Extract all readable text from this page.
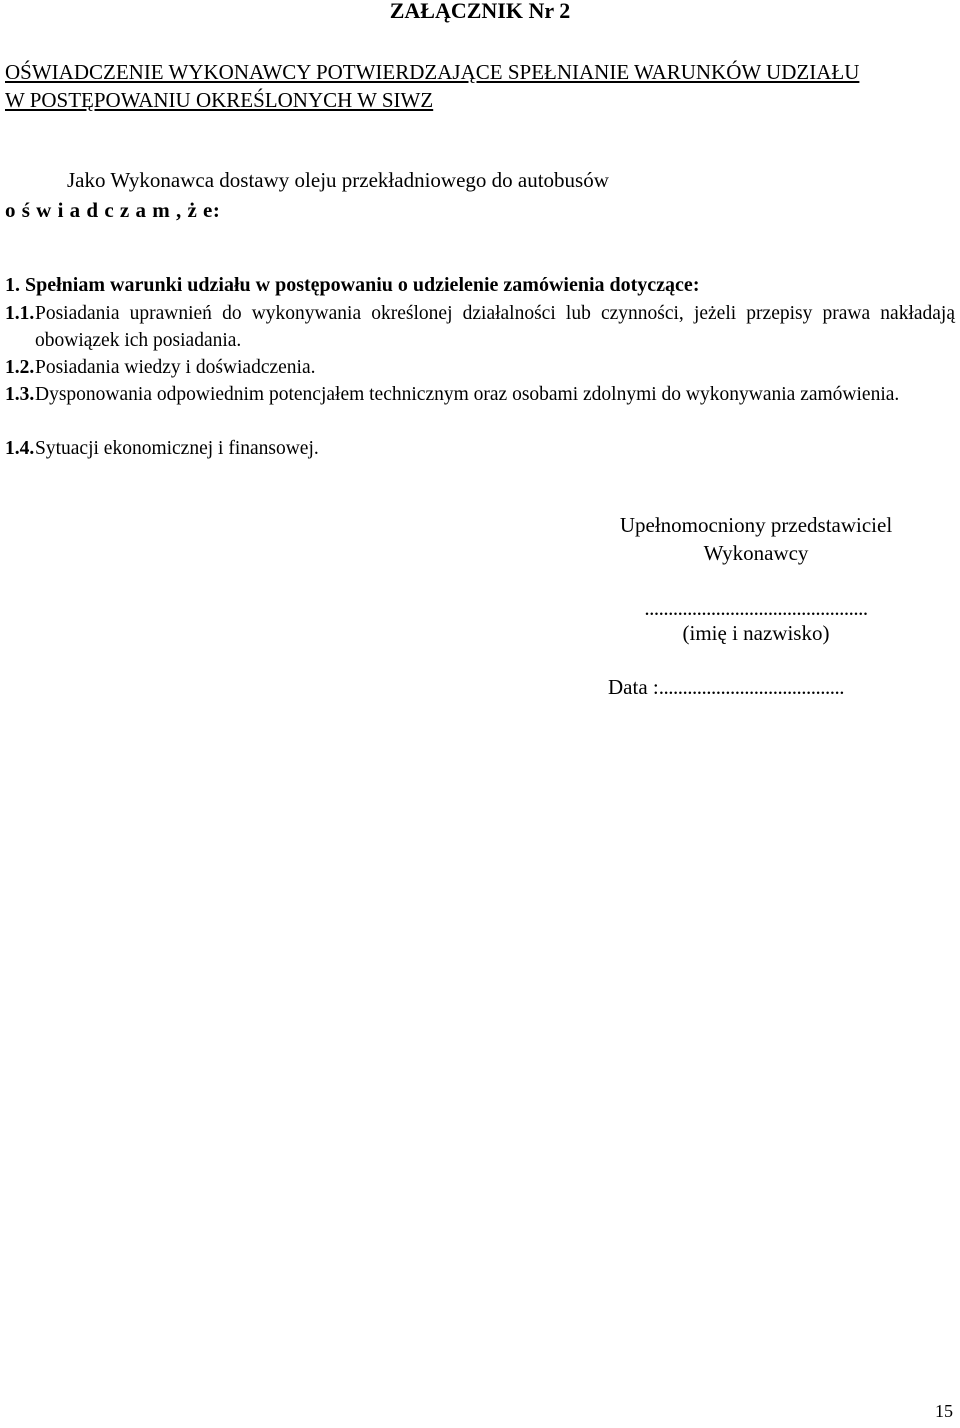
ZAŁĄCZNIK Nr 2
OŚWIADCZENIE WYKONAWCY POTWIERDZAJĄCE SPEŁNIANIE WARUNKÓW UDZIAŁU
W POSTĘPOWANIU OKREŚLONYCH W SIWZ
Jako Wykonawca dostawy oleju przekładniowego do autobusów
o ś w i a d c z a m , ż e:
1. Spełniam warunki udziału w postępowaniu o udzielenie zamówienia dotyczące:
1.1. Posiadania uprawnień do wykonywania określonej działalności lub czynności, jeżeli przepisy prawa nakładają obowiązek ich posiadania.
1.2. Posiadania wiedzy i doświadczenia.
1.3. Dysponowania odpowiednim potencjałem technicznym oraz osobami zdolnymi do wykonywania zamówienia.
1.4. Sytuacji ekonomicznej i finansowej.
Upełnomocniony przedstawiciel
Wykonawcy
...............................................
(imię i nazwisko)
Data :.......................................
15
